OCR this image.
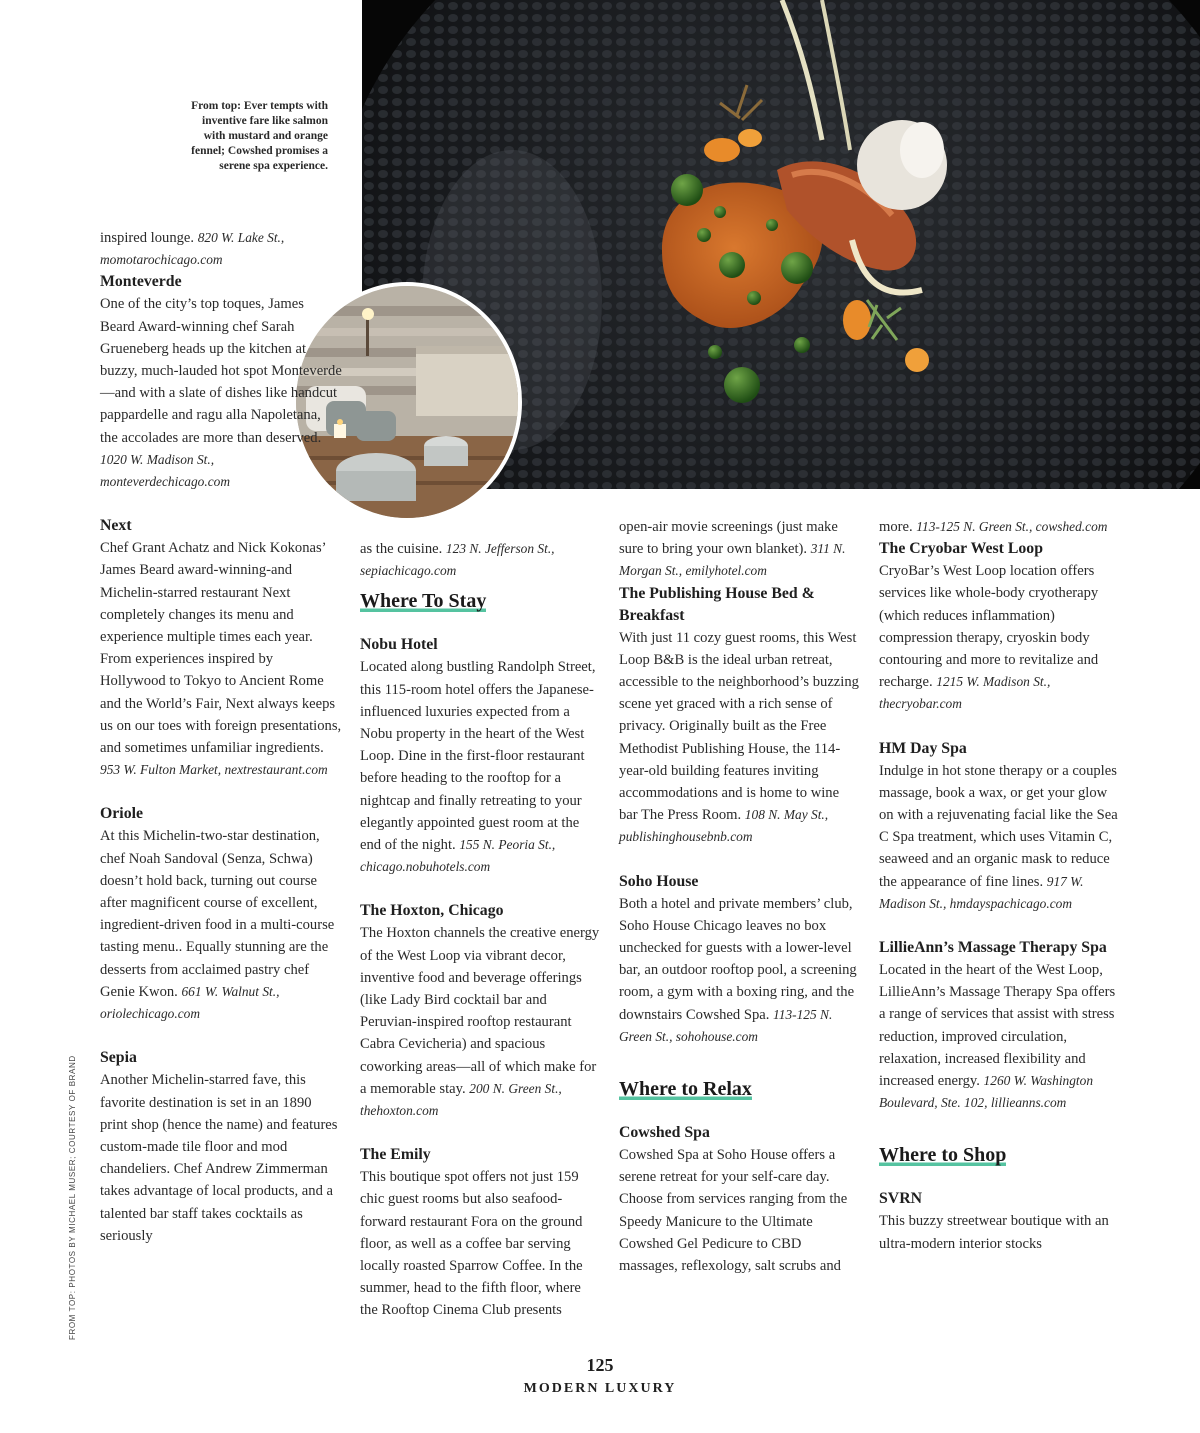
From top: Ever tempts with inventive fare like salmon with mustard and orange fennel; Cowshed promises a serene spa experience.
FROM TOP: PHOTOS BY MICHAEL MUSER; COURTESY OF BRAND

inspired lounge. 820 W. Lake St., momotarochicago.com

Monteverde

One of the city’s top toques, James Beard Award-winning chef Sarah Grueneberg heads up the kitchen at buzzy, much-lauded hot spot Monteverde—and with a slate of dishes like handcut pappardelle and ragu alla Napoletana, the accolades are more than deserved. 1020 W. Madison St., monteverdechicago.com

Next

Chef Grant Achatz and Nick Kokonas’ James Beard award-winning-and Michelin-starred restaurant Next completely changes its menu and experience multiple times each year. From experiences inspired by Hollywood to Tokyo to Ancient Rome and the World’s Fair, Next always keeps us on our toes with foreign presentations, and sometimes unfamiliar ingredients. 953 W. Fulton Market, nextrestaurant.com

Oriole

At this Michelin-two-star destination, chef Noah Sandoval (Senza, Schwa) doesn’t hold back, turning out course after magnificent course of excellent, ingredient-driven food in a multi-course tasting menu.. Equally stunning are the desserts from acclaimed pastry chef Genie Kwon. 661 W. Walnut St., oriolechicago.com

Sepia

Another Michelin-starred fave, this favorite destination is set in an 1890 print shop (hence the name) and features custom-made tile floor and mod chandeliers. Chef Andrew Zimmerman takes advantage of local products, and a talented bar staff takes cocktails as seriously

as the cuisine. 123 N. Jefferson St., sepiachicago.com

Where To Stay
Nobu Hotel

Located along bustling Randolph Street, this 115-room hotel offers the Japanese-influenced luxuries expected from a Nobu property in the heart of the West Loop. Dine in the first-floor restaurant before heading to the rooftop for a nightcap and finally retreating to your elegantly appointed guest room at the end of the night. 155 N. Peoria St., chicago.nobuhotels.com

The Hoxton, Chicago

The Hoxton channels the creative energy of the West Loop via vibrant decor, inventive food and beverage offerings (like Lady Bird cocktail bar and Peruvian-inspired rooftop restaurant Cabra Cevicheria) and spacious coworking areas—all of which make for a memorable stay. 200 N. Green St., thehoxton.com

The Emily

This boutique spot offers not just 159 chic guest rooms but also seafood-forward restaurant Fora on the ground floor, as well as a coffee bar serving locally roasted Sparrow Coffee. In the summer, head to the fifth floor, where the Rooftop Cinema Club presents

open-air movie screenings (just make sure to bring your own blanket). 311 N. Morgan St., emilyhotel.com

The Publishing House Bed & Breakfast

With just 11 cozy guest rooms, this West Loop B&B is the ideal urban retreat, accessible to the neighborhood’s buzzing scene yet graced with a rich sense of privacy. Originally built as the Free Methodist Publishing House, the 114-year-old building features inviting accommodations and is home to wine bar The Press Room. 108 N. May St., publishinghousebnb.com

Soho House

Both a hotel and private members’ club, Soho House Chicago leaves no box unchecked for guests with a lower-level bar, an outdoor rooftop pool, a screening room, a gym with a boxing ring, and the downstairs Cowshed Spa. 113-125 N. Green St., sohohouse.com

Where to Relax
Cowshed Spa

Cowshed Spa at Soho House offers a serene retreat for your self-care day. Choose from services ranging from the Speedy Manicure to the Ultimate Cowshed Gel Pedicure to CBD massages, reflexology, salt scrubs and

more. 113-125 N. Green St., cowshed.com

The Cryobar West Loop

CryoBar’s West Loop location offers services like whole-body cryotherapy (which reduces inflammation) compression therapy, cryoskin body contouring and more to revitalize and recharge. 1215 W. Madison St., thecryobar.com

HM Day Spa

Indulge in hot stone therapy or a couples massage, book a wax, or get your glow on with a rejuvenating facial like the Sea C Spa treatment, which uses Vitamin C, seaweed and an organic mask to reduce the appearance of fine lines. 917 W. Madison St., hmdayspachicago.com

LillieAnn’s Massage Therapy Spa

Located in the heart of the West Loop, LillieAnn’s Massage Therapy Spa offers a range of services that assist with stress reduction, improved circulation, relaxation, increased flexibility and increased energy. 1260 W. Washington Boulevard, Ste. 102, lillieanns.com

Where to Shop
SVRN

This buzzy streetwear boutique with an ultra-modern interior stocks

125
MODERN LUXURY
